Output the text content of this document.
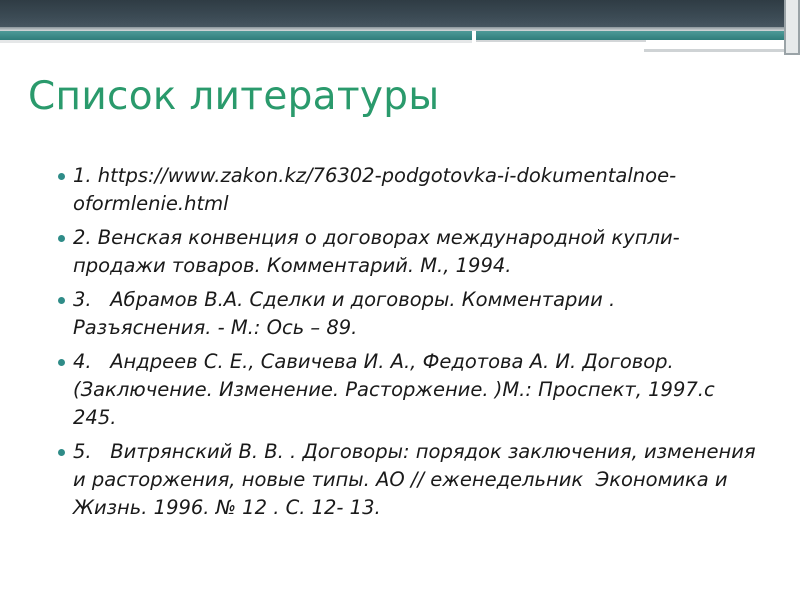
Список литературы
1. https://www.zakon.kz/76302-podgotovka-i-dokumentalnoe-oformlenie.html
2. Венская конвенция о договорах международной купли-продажи товаров. Комментарий. М., 1994.
3.   Абрамов В.А. Сделки и договоры. Комментарии . Разъяснения. - М.: Ось – 89.
4.   Андреев С. Е., Савичева И. А., Федотова А. И. Договор. (Заключение. Изменение. Расторжение. )М.: Проспект, 1997.с 245.
5.   Витрянский В. В. . Договоры: порядок заключения, изменения и расторжения, новые типы. АО // еженедельник  Экономика и Жизнь. 1996. № 12 . С. 12- 13.
